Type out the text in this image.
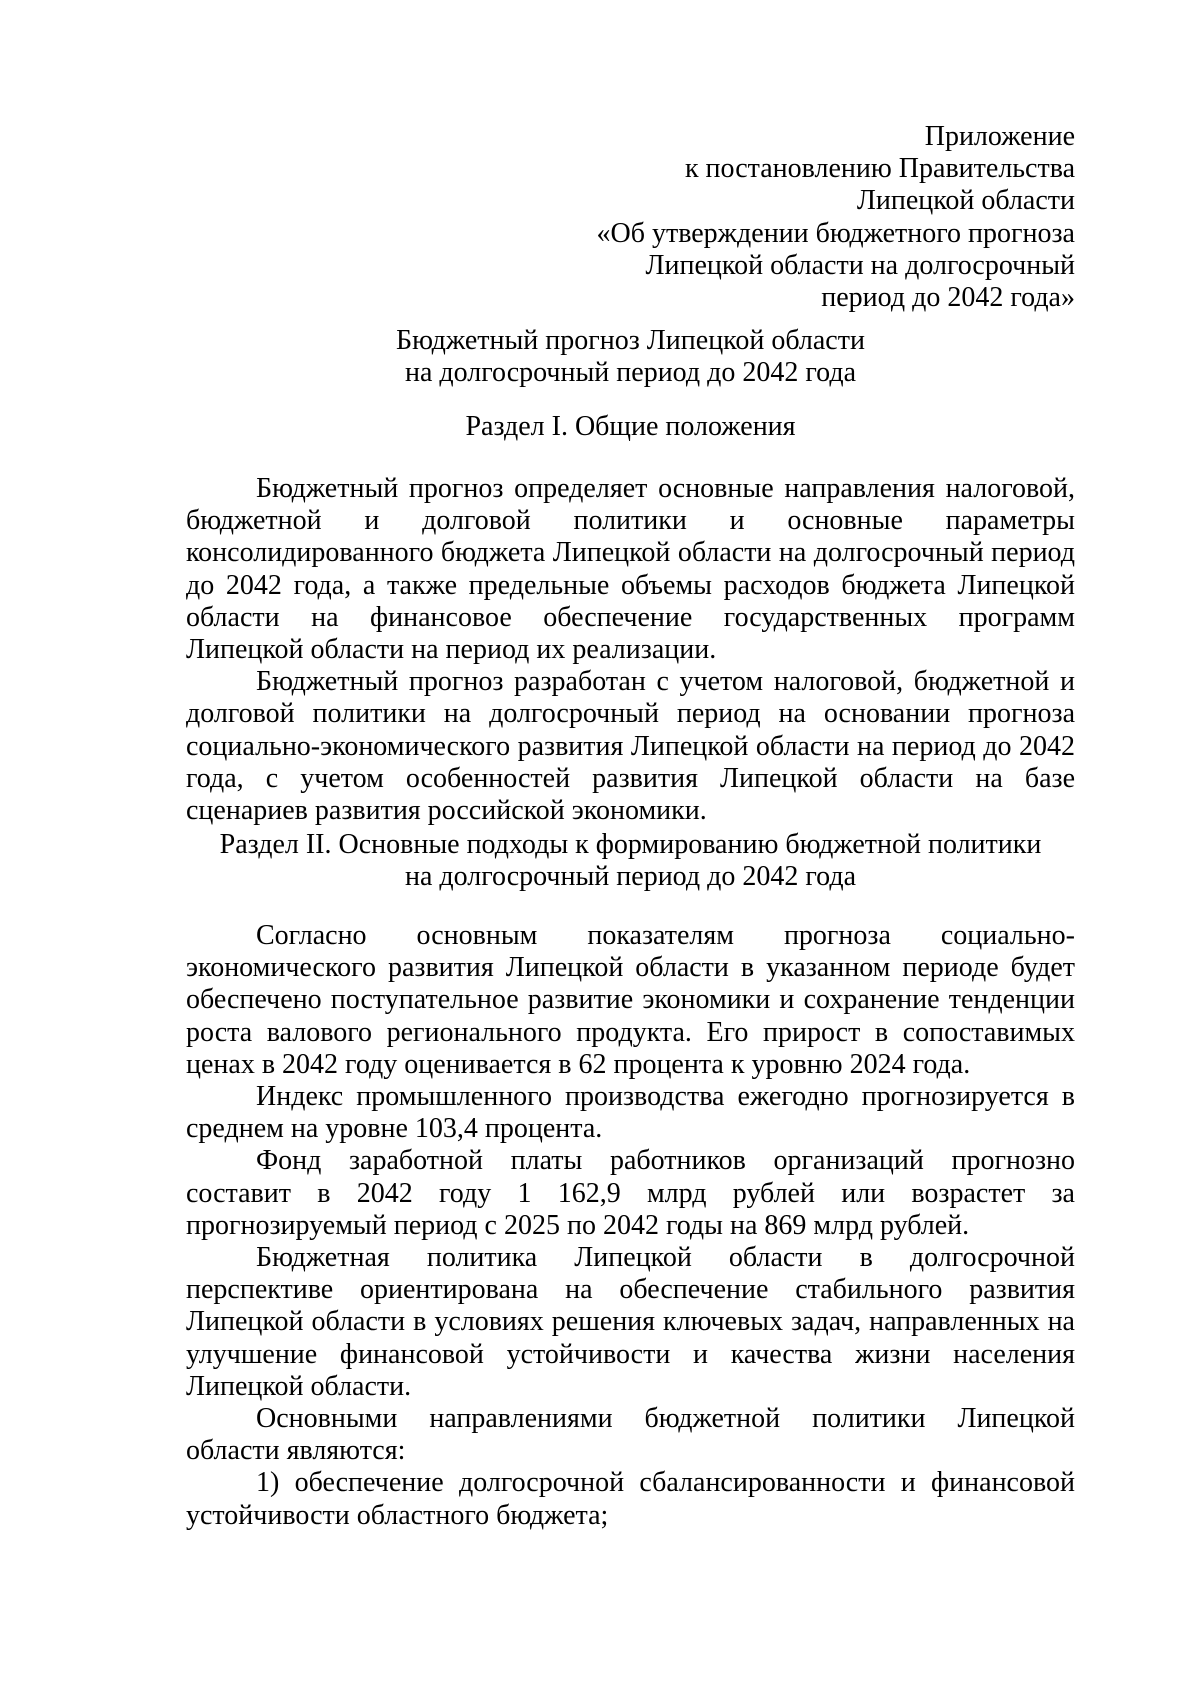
Приложение
к постановлению Правительства
Липецкой области
«Об утверждении бюджетного прогноза
Липецкой области на долгосрочный
период до 2042 года»
Бюджетный прогноз Липецкой области
на долгосрочный период до 2042 года
Раздел I. Общие положения

Бюджетный прогноз определяет основные направления налоговой, бюджетной и долговой политики и основные параметры консолидированного бюджета Липецкой области на долгосрочный период до 2042 года, а также предельные объемы расходов бюджета Липецкой области на финансовое обеспечение государственных программ Липецкой области на период их реализации.

Бюджетный прогноз разработан с учетом налоговой, бюджетной и долговой политики на долгосрочный период на основании прогноза социально-экономического развития Липецкой области на период до 2042 года, с учетом особенностей развития Липецкой области на базе сценариев развития российской экономики.

Раздел II. Основные подходы к формированию бюджетной политики
на долгосрочный период до 2042 года

Согласно основным показателям прогноза социально-экономического развития Липецкой области в указанном периоде будет обеспечено поступательное развитие экономики и сохранение тенденции роста валового регионального продукта. Его прирост в сопоставимых ценах в 2042 году оценивается в 62 процента к уровню 2024 года.

Индекс промышленного производства ежегодно прогнозируется в среднем на уровне 103,4 процента.

Фонд заработной платы работников организаций прогнозно составит в 2042 году 1 162,9 млрд рублей или возрастет за прогнозируемый период с 2025 по 2042 годы на 869 млрд рублей.

Бюджетная политика Липецкой области в долгосрочной перспективе ориентирована на обеспечение стабильного развития Липецкой области в условиях решения ключевых задач, направленных на улучшение финансовой устойчивости и качества жизни населения Липецкой области.

Основными направлениями бюджетной политики Липецкой области являются:

1) обеспечение долгосрочной сбалансированности и финансовой устойчивости областного бюджета;
